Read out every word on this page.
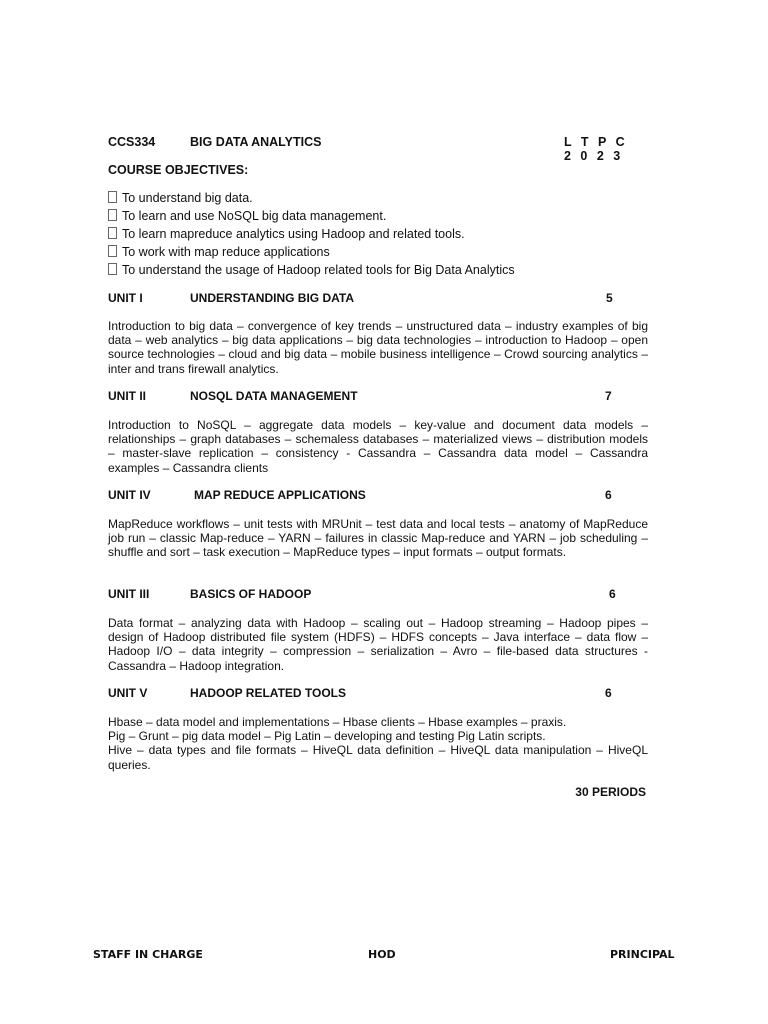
CCS334	BIG DATA ANALYTICS	L T P C
2 0 2 3
COURSE OBJECTIVES:
To understand big data.
To learn and use NoSQL big data management.
To learn mapreduce analytics using Hadoop and related tools.
To work with map reduce applications
To understand the usage of Hadoop related tools for Big Data Analytics
UNIT I	UNDERSTANDING BIG DATA	5

Introduction to big data – convergence of key trends – unstructured data – industry examples of big data – web analytics – big data applications – big data technologies – introduction to Hadoop – open source technologies – cloud and big data – mobile business intelligence – Crowd sourcing analytics – inter and trans firewall analytics.

UNIT II	NOSQL DATA MANAGEMENT	7

Introduction to NoSQL – aggregate data models – key-value and document data models – relationships – graph databases – schemaless databases – materialized views – distribution models – master-slave replication – consistency - Cassandra – Cassandra data model – Cassandra examples – Cassandra clients

UNIT IV	MAP REDUCE APPLICATIONS	6

MapReduce workflows – unit tests with MRUnit – test data and local tests – anatomy of MapReduce job run – classic Map-reduce – YARN – failures in classic Map-reduce and YARN – job scheduling – shuffle and sort – task execution – MapReduce types – input formats – output formats.

UNIT III	BASICS OF HADOOP	6

Data format – analyzing data with Hadoop – scaling out – Hadoop streaming – Hadoop pipes – design of Hadoop distributed file system (HDFS) – HDFS concepts – Java interface – data flow – Hadoop I/O – data integrity – compression – serialization – Avro – file-based data structures - Cassandra – Hadoop integration.

UNIT V	HADOOP RELATED TOOLS	6

Hbase – data model and implementations – Hbase clients – Hbase examples – praxis.

Pig – Grunt – pig data model – Pig Latin – developing and testing Pig Latin scripts.

Hive – data types and file formats – HiveQL data definition – HiveQL data manipulation – HiveQL queries.

30 PERIODS
STAFF IN CHARGE	HOD	PRINCIPAL
